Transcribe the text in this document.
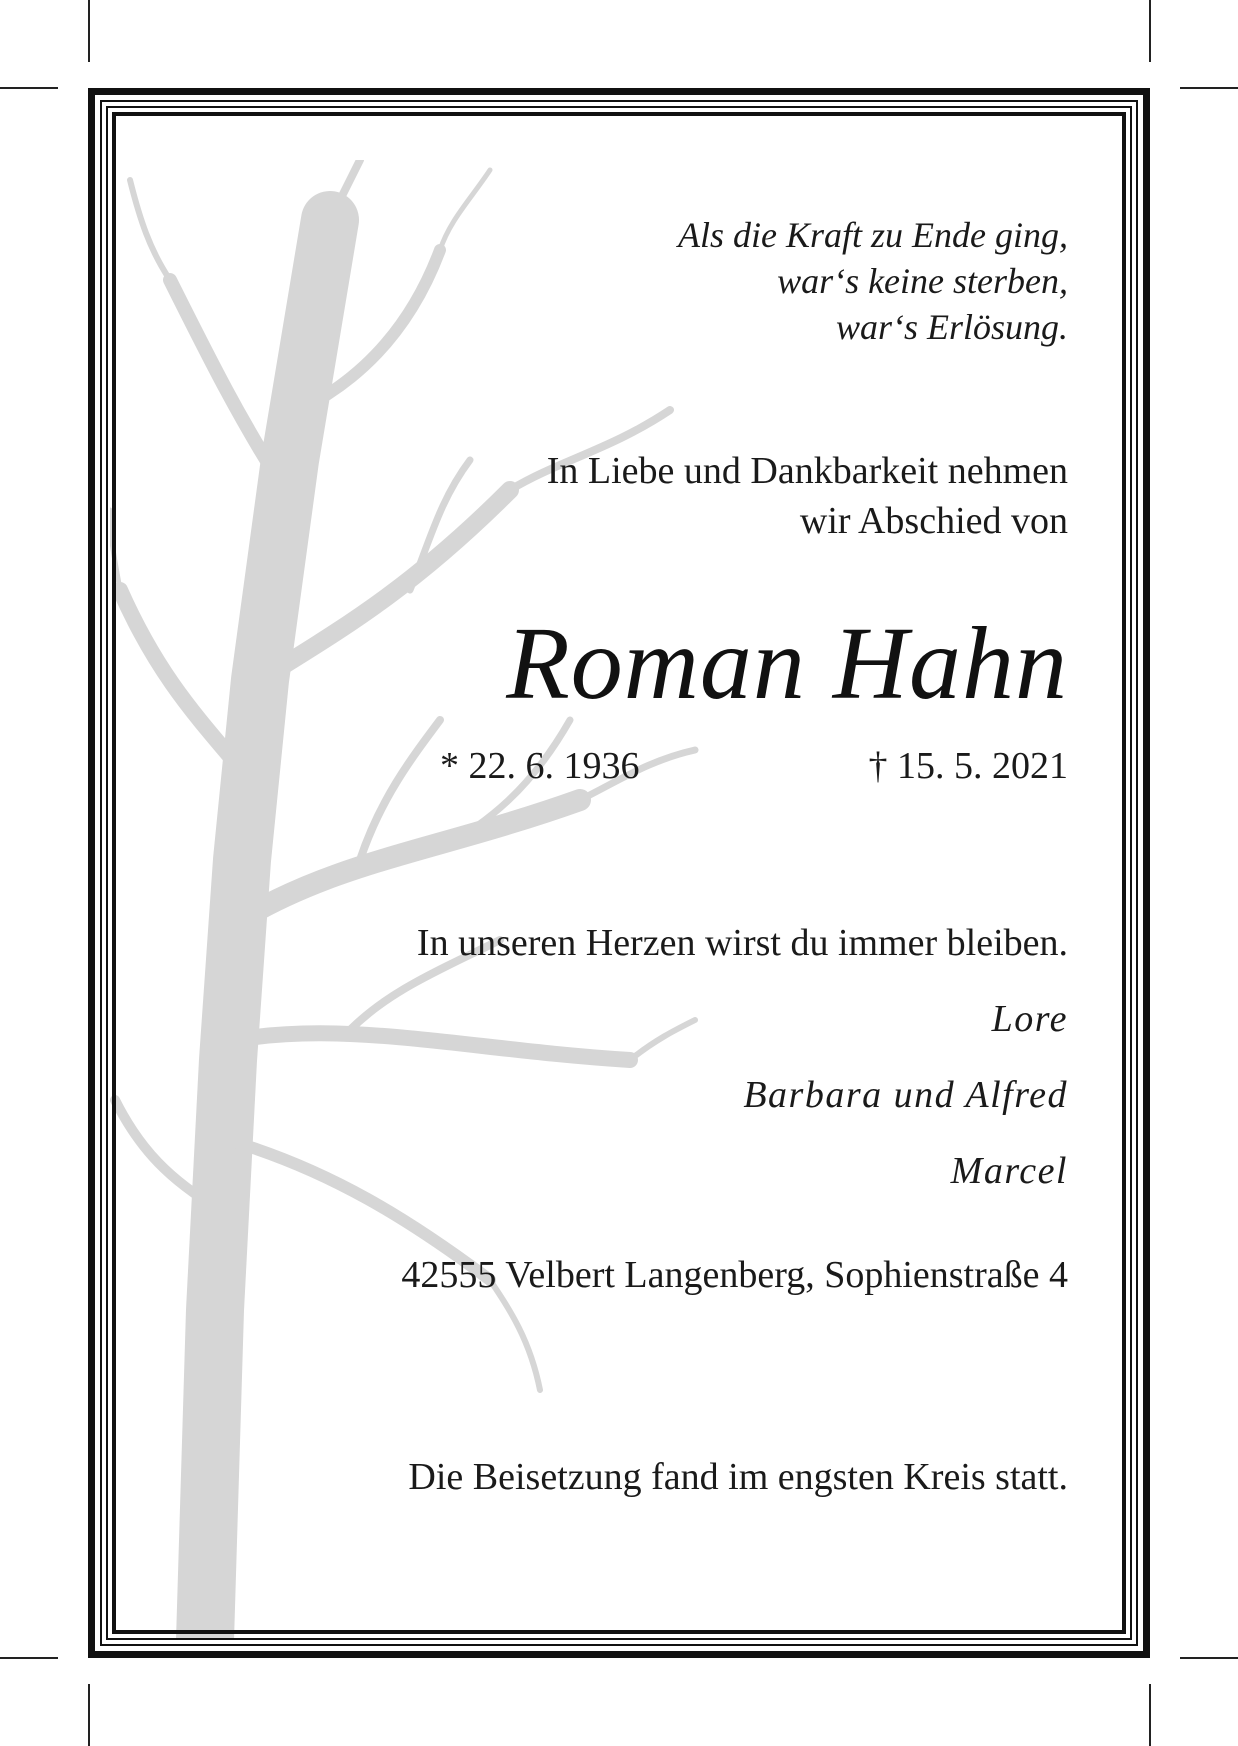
Als die Kraft zu Ende ging,
war‘s keine sterben,
war‘s Erlösung.
In Liebe und Dankbarkeit nehmen
wir Abschied von
Roman Hahn
* 22. 6. 1936	† 15. 5. 2021
In unseren Herzen wirst du immer bleiben.
Lore
Barbara und Alfred
Marcel
42555 Velbert Langenberg, Sophienstraße 4
Die Beisetzung fand im engsten Kreis statt.
